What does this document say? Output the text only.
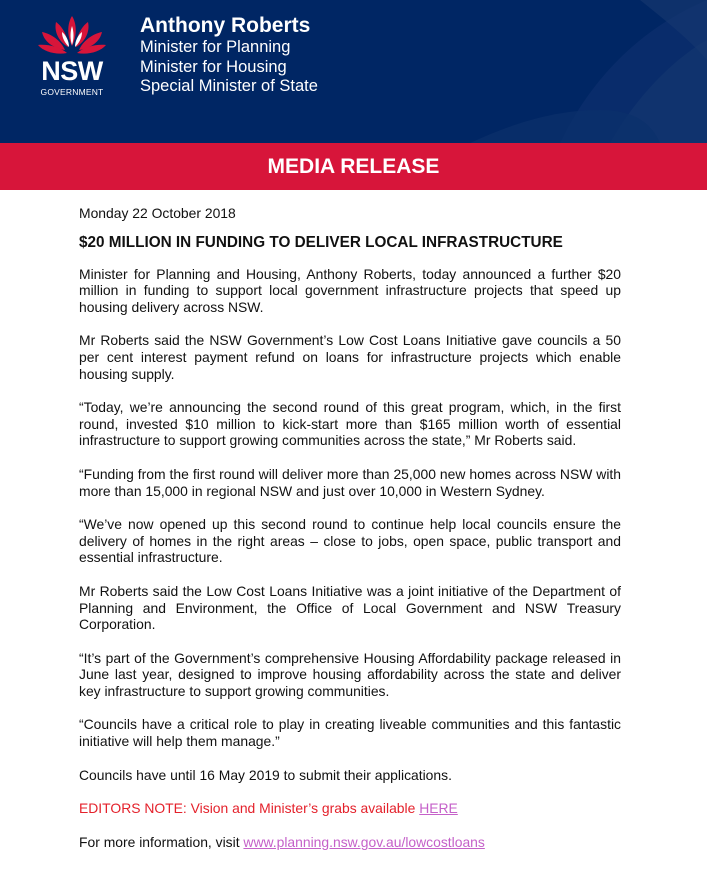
NSW
GOVERNMENT
Anthony Roberts
Minister for Planning
Minister for Housing
Special Minister of State
MEDIA RELEASE

Monday 22 October 2018

$20 MILLION IN FUNDING TO DELIVER LOCAL INFRASTRUCTURE

Minister for Planning and Housing, Anthony Roberts, today announced a further $20 million in funding to support local government infrastructure projects that speed up housing delivery across NSW.

Mr Roberts said the NSW Government’s Low Cost Loans Initiative gave councils a 50 per cent interest payment refund on loans for infrastructure projects which enable housing supply.

“Today, we’re announcing the second round of this great program, which, in the first round, invested $10 million to kick-start more than $165 million worth of essential infrastructure to support growing communities across the state,” Mr Roberts said.

“Funding from the first round will deliver more than 25,000 new homes across NSW with more than 15,000 in regional NSW and just over 10,000 in Western Sydney.

“We’ve now opened up this second round to continue help local councils ensure the delivery of homes in the right areas – close to jobs, open space, public transport and essential infrastructure.

Mr Roberts said the Low Cost Loans Initiative was a joint initiative of the Department of Planning and Environment, the Office of Local Government and NSW Treasury Corporation.

“It’s part of the Government’s comprehensive Housing Affordability package released in June last year, designed to improve housing affordability across the state and deliver key infrastructure to support growing communities.

“Councils have a critical role to play in creating liveable communities and this fantastic initiative will help them manage.”

Councils have until 16 May 2019 to submit their applications.

EDITORS NOTE: Vision and Minister’s grabs available HERE

For more information, visit www.planning.nsw.gov.au/lowcostloans
